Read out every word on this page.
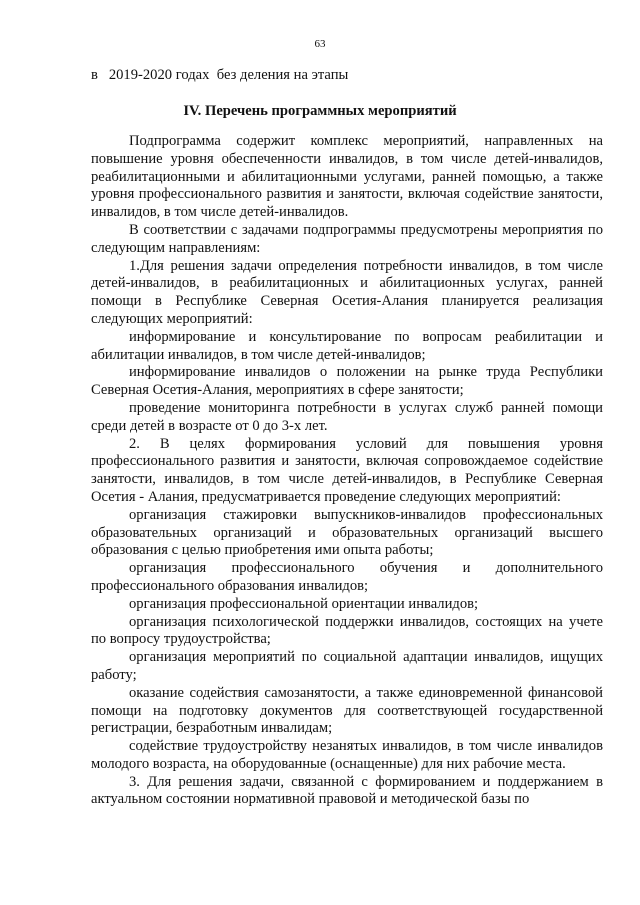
63
в   2019-2020 годах  без деления на этапы
IV. Перечень программных мероприятий

Подпрограмма содержит комплекс мероприятий, направленных на повышение уровня обеспеченности инвалидов, в том числе детей-инвалидов, реабилитационными и абилитационными услугами, ранней помощью, а также уровня профессионального развития и занятости, включая содействие занятости, инвалидов, в том числе детей-инвалидов.

В соответствии с задачами подпрограммы предусмотрены мероприятия по следующим направлениям:

1.Для решения задачи определения потребности инвалидов, в том числе детей-инвалидов, в реабилитационных и абилитационных услугах, ранней помощи в Республике Северная Осетия-Алания планируется реализация следующих мероприятий:

информирование и консультирование по вопросам реабилитации и абилитации инвалидов, в том числе детей-инвалидов;

информирование инвалидов о положении на рынке труда Республики Северная Осетия-Алания, мероприятиях в сфере занятости;

проведение мониторинга потребности в услугах служб ранней помощи среди детей в возрасте от 0 до 3-х лет.

2. В целях формирования условий для повышения уровня профессионального развития и занятости, включая сопровождаемое содействие занятости, инвалидов, в том числе детей-инвалидов, в Республике Северная Осетия - Алания, предусматривается проведение следующих мероприятий:

организация стажировки выпускников-инвалидов профессиональных образовательных организаций и образовательных организаций высшего образования с целью приобретения ими опыта работы;

организация профессионального обучения и дополнительного профессионального образования инвалидов;

организация профессиональной ориентации инвалидов;

организация психологической поддержки инвалидов, состоящих на учете по вопросу трудоустройства;

организация мероприятий по социальной адаптации инвалидов, ищущих работу;

оказание содействия самозанятости, а также единовременной финансовой помощи на подготовку документов для соответствующей государственной регистрации, безработным инвалидам;

содействие трудоустройству незанятых инвалидов, в том числе инвалидов молодого возраста, на оборудованные (оснащенные) для них рабочие места.

3. Для решения задачи, связанной с формированием и поддержанием в актуальном состоянии нормативной правовой и методической базы по
